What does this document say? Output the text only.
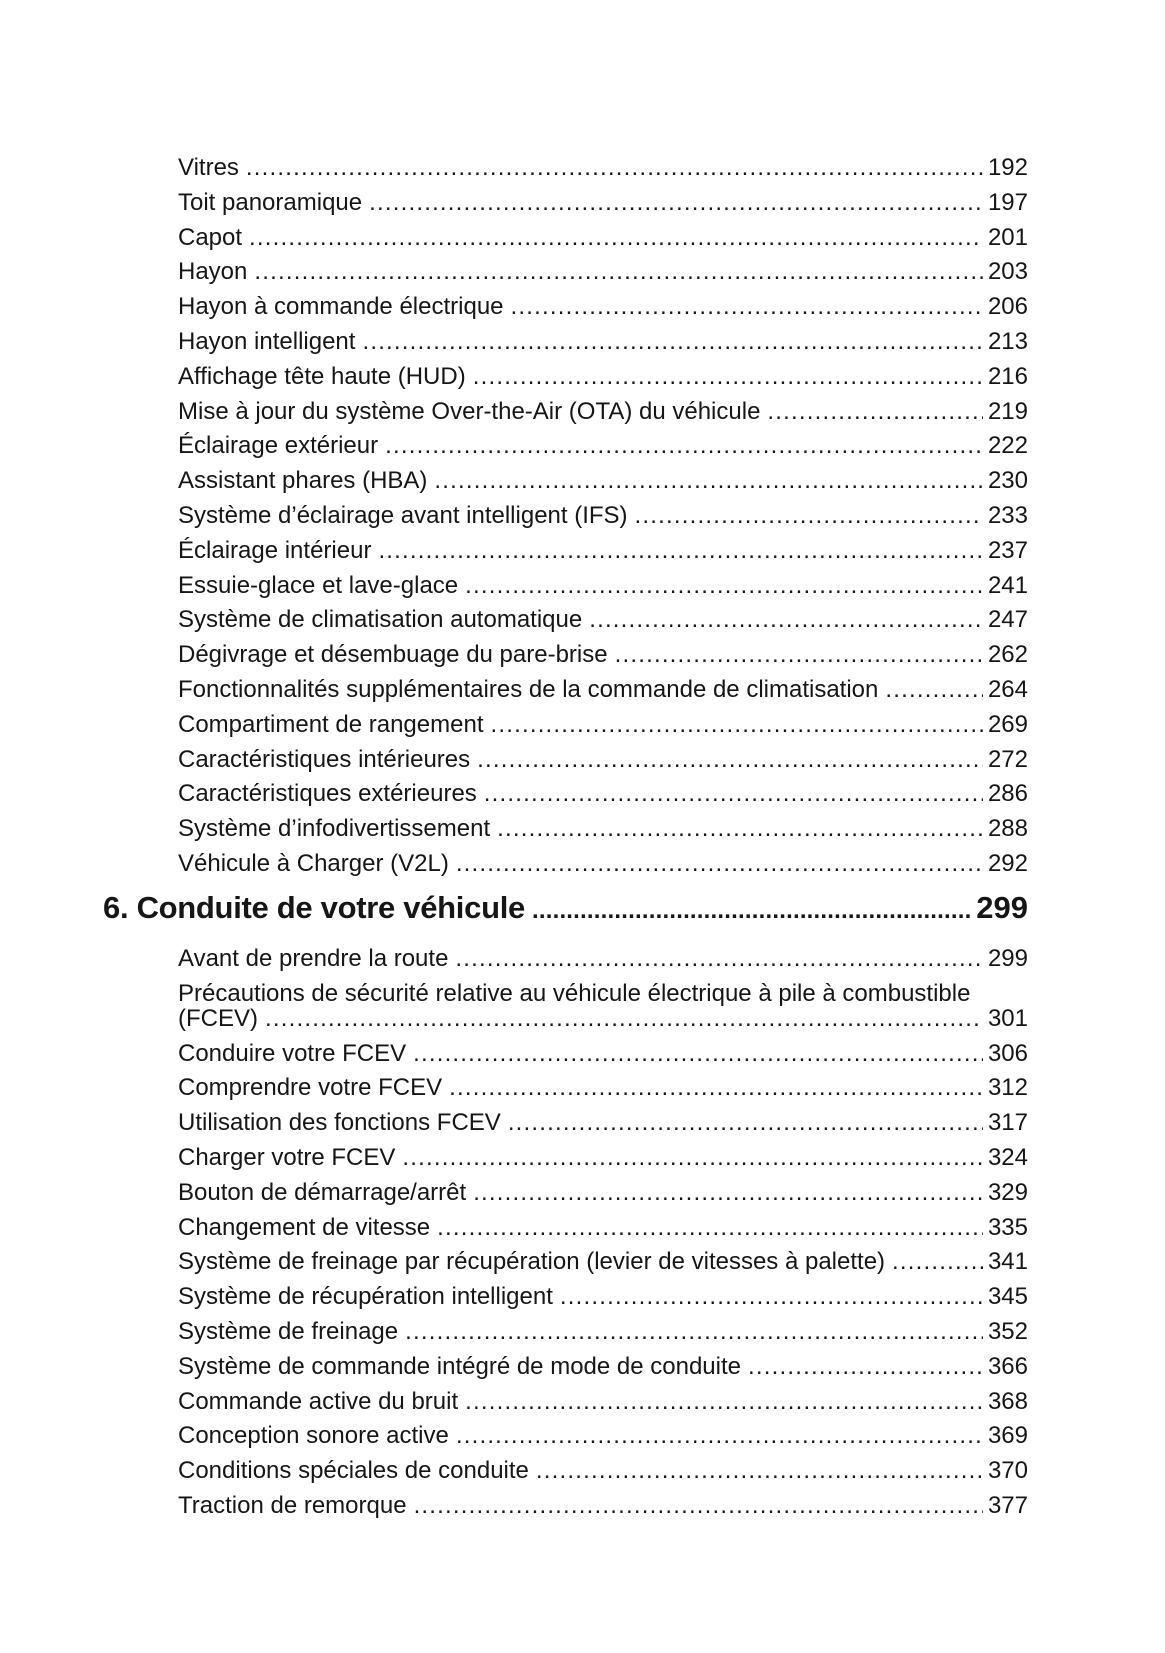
Vitres .....	192
Toit panoramique .....	197
Capot .....	201
Hayon .....	203
Hayon à commande électrique .....	206
Hayon intelligent .....	213
Affichage tête haute (HUD) .....	216
Mise à jour du système Over-the-Air (OTA) du véhicule .....	219
Éclairage extérieur .....	222
Assistant phares (HBA) .....	230
Système d’éclairage avant intelligent (IFS) .....	233
Éclairage intérieur .....	237
Essuie-glace et lave-glace .....	241
Système de climatisation automatique .....	247
Dégivrage et désembuage du pare-brise .....	262
Fonctionnalités supplémentaires de la commande de climatisation .....	264
Compartiment de rangement .....	269
Caractéristiques intérieures .....	272
Caractéristiques extérieures .....	286
Système d’infodivertissement .....	288
Véhicule à Charger (V2L) .....	292
6. Conduite de votre véhicule .....	299
Avant de prendre la route .....	299
Précautions de sécurité relative au véhicule électrique à pile à combustible
(FCEV) .....	301
Conduire votre FCEV .....	306
Comprendre votre FCEV .....	312
Utilisation des fonctions FCEV .....	317
Charger votre FCEV .....	324
Bouton de démarrage/arrêt .....	329
Changement de vitesse .....	335
Système de freinage par récupération (levier de vitesses à palette) .....	341
Système de récupération intelligent .....	345
Système de freinage .....	352
Système de commande intégré de mode de conduite .....	366
Commande active du bruit .....	368
Conception sonore active .....	369
Conditions spéciales de conduite .....	370
Traction de remorque .....	377
